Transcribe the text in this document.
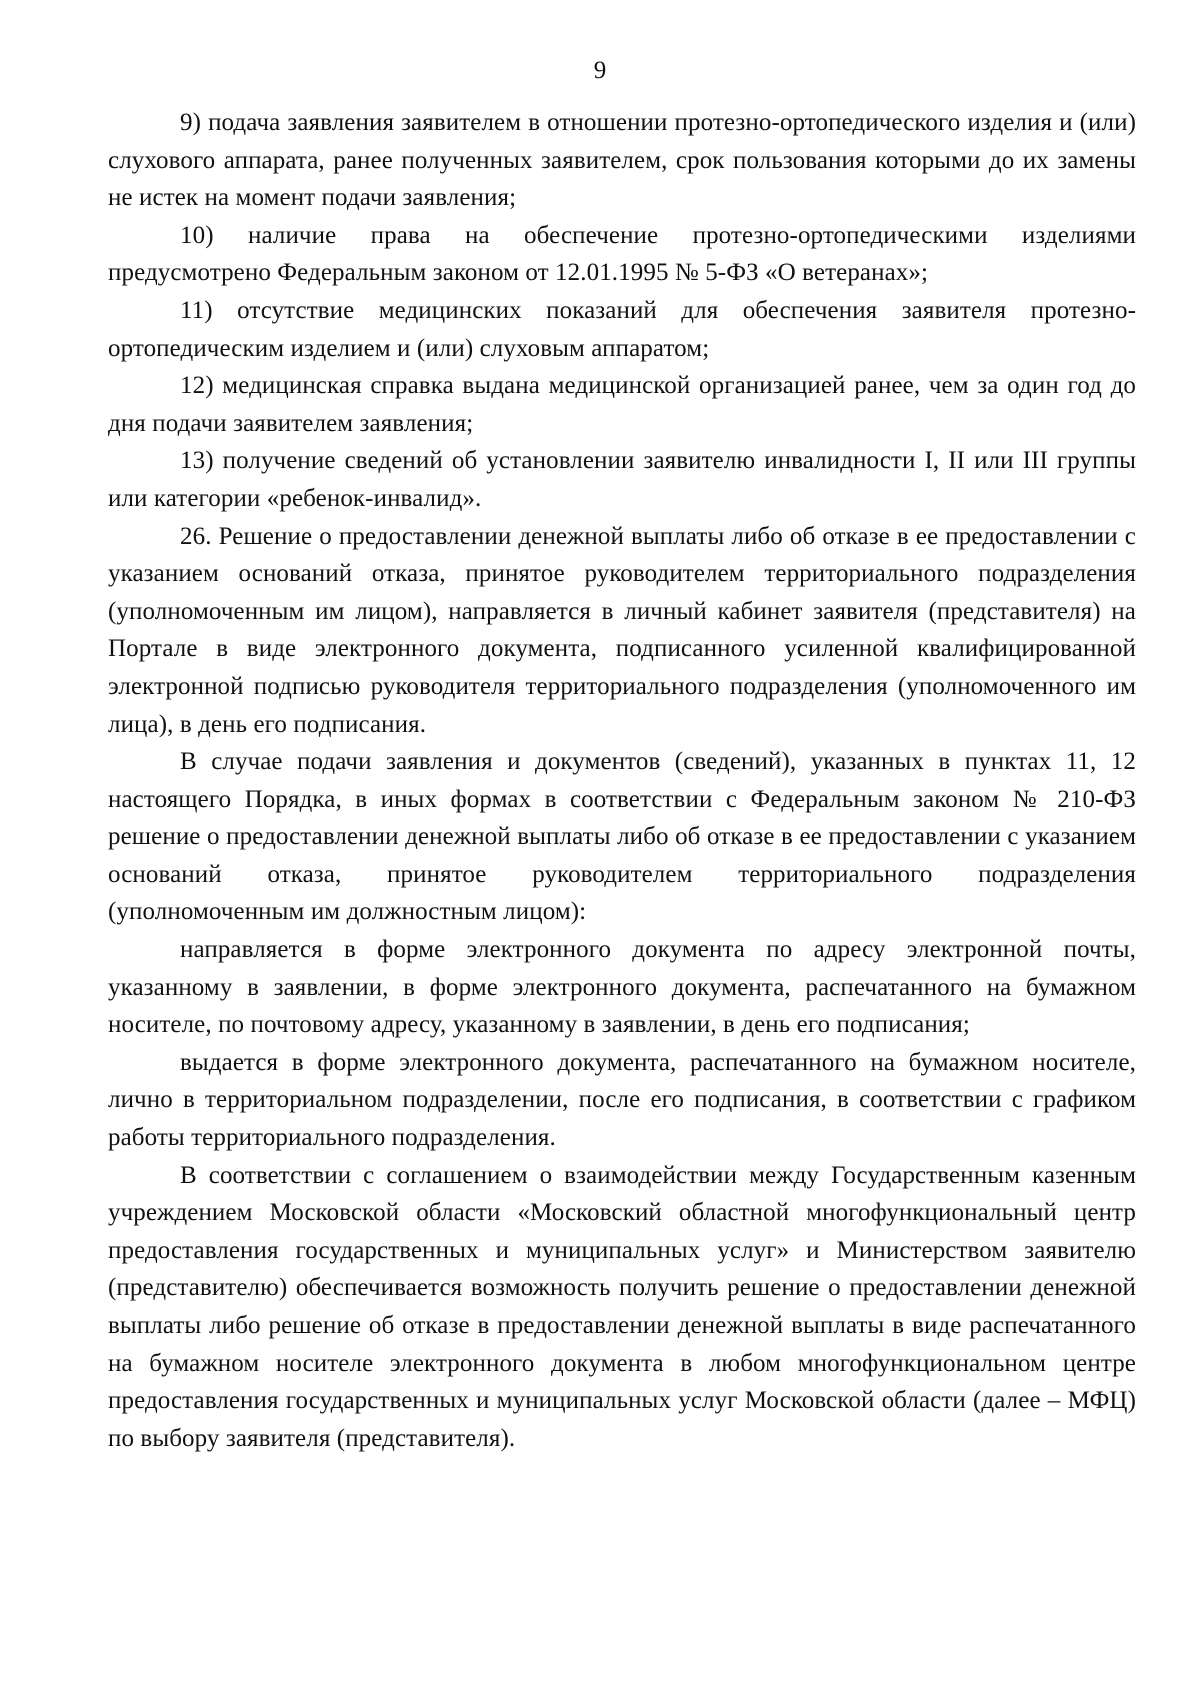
9

9) подача заявления заявителем в отношении протезно-ортопедического изделия и (или) слухового аппарата, ранее полученных заявителем, срок пользования которыми до их замены не истек на момент подачи заявления;

10) наличие права на обеспечение протезно-ортопедическими изделиями предусмотрено Федеральным законом от 12.01.1995 № 5-ФЗ «О ветеранах»;

11) отсутствие медицинских показаний для обеспечения заявителя протезно-ортопедическим изделием и (или) слуховым аппаратом;

12) медицинская справка выдана медицинской организацией ранее, чем за один год до дня подачи заявителем заявления;

13) получение сведений об установлении заявителю инвалидности I, II или III группы или категории «ребенок-инвалид».

26. Решение о предоставлении денежной выплаты либо об отказе в ее предоставлении с указанием оснований отказа, принятое руководителем территориального подразделения (уполномоченным им лицом), направляется в личный кабинет заявителя (представителя) на Портале в виде электронного документа, подписанного усиленной квалифицированной электронной подписью руководителя территориального подразделения (уполномоченного им лица), в день его подписания.

В случае подачи заявления и документов (сведений), указанных в пунктах 11, 12 настоящего Порядка, в иных формах в соответствии с Федеральным законом № 210-ФЗ решение о предоставлении денежной выплаты либо об отказе в ее предоставлении с указанием оснований отказа, принятое руководителем территориального подразделения (уполномоченным им должностным лицом):

направляется в форме электронного документа по адресу электронной почты, указанному в заявлении, в форме электронного документа, распечатанного на бумажном носителе, по почтовому адресу, указанному в заявлении, в день его подписания;

выдается в форме электронного документа, распечатанного на бумажном носителе, лично в территориальном подразделении, после его подписания, в соответствии с графиком работы территориального подразделения.

В соответствии с соглашением о взаимодействии между Государственным казенным учреждением Московской области «Московский областной многофункциональный центр предоставления государственных и муниципальных услуг» и Министерством заявителю (представителю) обеспечивается возможность получить решение о предоставлении денежной выплаты либо решение об отказе в предоставлении денежной выплаты в виде распечатанного на бумажном носителе электронного документа в любом многофункциональном центре предоставления государственных и муниципальных услуг Московской области (далее – МФЦ) по выбору заявителя (представителя).
